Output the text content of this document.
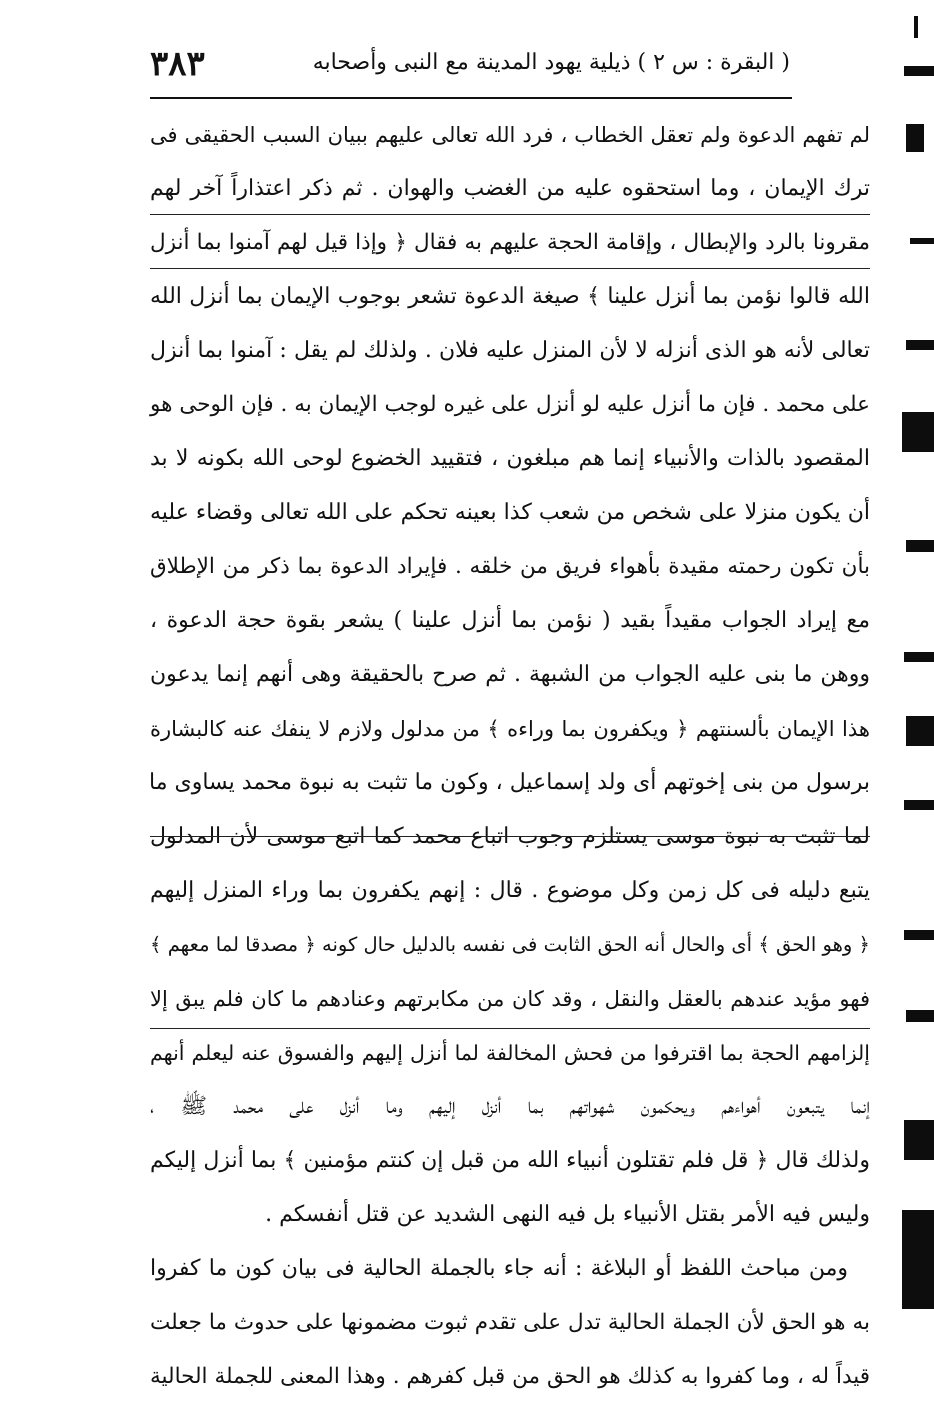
( البقرة : س ٢ ) ذيلية يهود المدينة مع النبى وأصحابه
٣٨٣
لم تفهم الدعوة ولم تعقل الخطاب ، فرد الله تعالى عليهم ببيان السبب الحقيقى فى
ترك الإيمان ، وما استحقوه عليه من الغضب والهوان . ثم ذكر اعتذاراً آخر لهم
مقرونا بالرد والإبطال ، وإقامة الحجة عليهم به فقال ﴿ وإذا قيل لهم آمنوا بما أنزل
الله قالوا نؤمن بما أنزل علينا ﴾ صيغة الدعوة تشعر بوجوب الإيمان بما أنزل الله
تعالى لأنه هو الذى أنزله لا لأن المنزل عليه فلان . ولذلك لم يقل : آمنوا بما أنزل
على محمد . فإن ما أنزل عليه لو أنزل على غيره لوجب الإيمان به . فإن الوحى هو
المقصود بالذات والأنبياء إنما هم مبلغون ، فتقييد الخضوع لوحى الله بكونه لا بد
أن يكون منزلا على شخص من شعب كذا بعينه تحكم على الله تعالى وقضاء عليه
بأن تكون رحمته مقيدة بأهواء فريق من خلقه . فإيراد الدعوة بما ذكر من الإطلاق
مع إيراد الجواب مقيداً بقيد ( نؤمن بما أنزل علينا ) يشعر بقوة حجة الدعوة ،
ووهن ما بنى عليه الجواب من الشبهة . ثم صرح بالحقيقة وهى أنهم إنما يدعون
هذا الإيمان بألسنتهم ﴿ ويكفرون بما وراءه ﴾ من مدلول ولازم لا ينفك عنه كالبشارة
برسول من بنى إخوتهم أى ولد إسماعيل ، وكون ما تثبت به نبوة محمد يساوى ما
لما تثبت به نبوة موسى يستلزم وجوب اتباع محمد كما اتبع موسى لأن المدلول
يتبع دليله فى كل زمن وكل موضوع . قال : إنهم يكفرون بما وراء المنزل إليهم
﴿ وهو الحق ﴾ أى والحال أنه الحق الثابت فى نفسه بالدليل حال كونه ﴿ مصدقا لما معهم ﴾
فهو مؤيد عندهم بالعقل والنقل ، وقد كان من مكابرتهم وعنادهم ما كان فلم يبق إلا
إلزامهم الحجة بما اقترفوا من فحش المخالفة لما أنزل إليهم والفسوق عنه ليعلم أنهم
إنما يتبعون أهواءهم ويحكمون شهواتهم بما أنزل إليهم وما أنزل على محمد ﷺ ،
ولذلك قال ﴿ قل فلم تقتلون أنبياء الله من قبل إن كنتم مؤمنين ﴾ بما أنزل إليكم
وليس فيه الأمر بقتل الأنبياء بل فيه النهى الشديد عن قتل أنفسكم .
ومن مباحث اللفظ أو البلاغة : أنه جاء بالجملة الحالية فى بيان كون ما كفروا
به هو الحق لأن الجملة الحالية تدل على تقدم ثبوت مضمونها على حدوث ما جعلت
قيداً له ، وما كفروا به كذلك هو الحق من قبل كفرهم . وهذا المعنى للجملة الحالية
